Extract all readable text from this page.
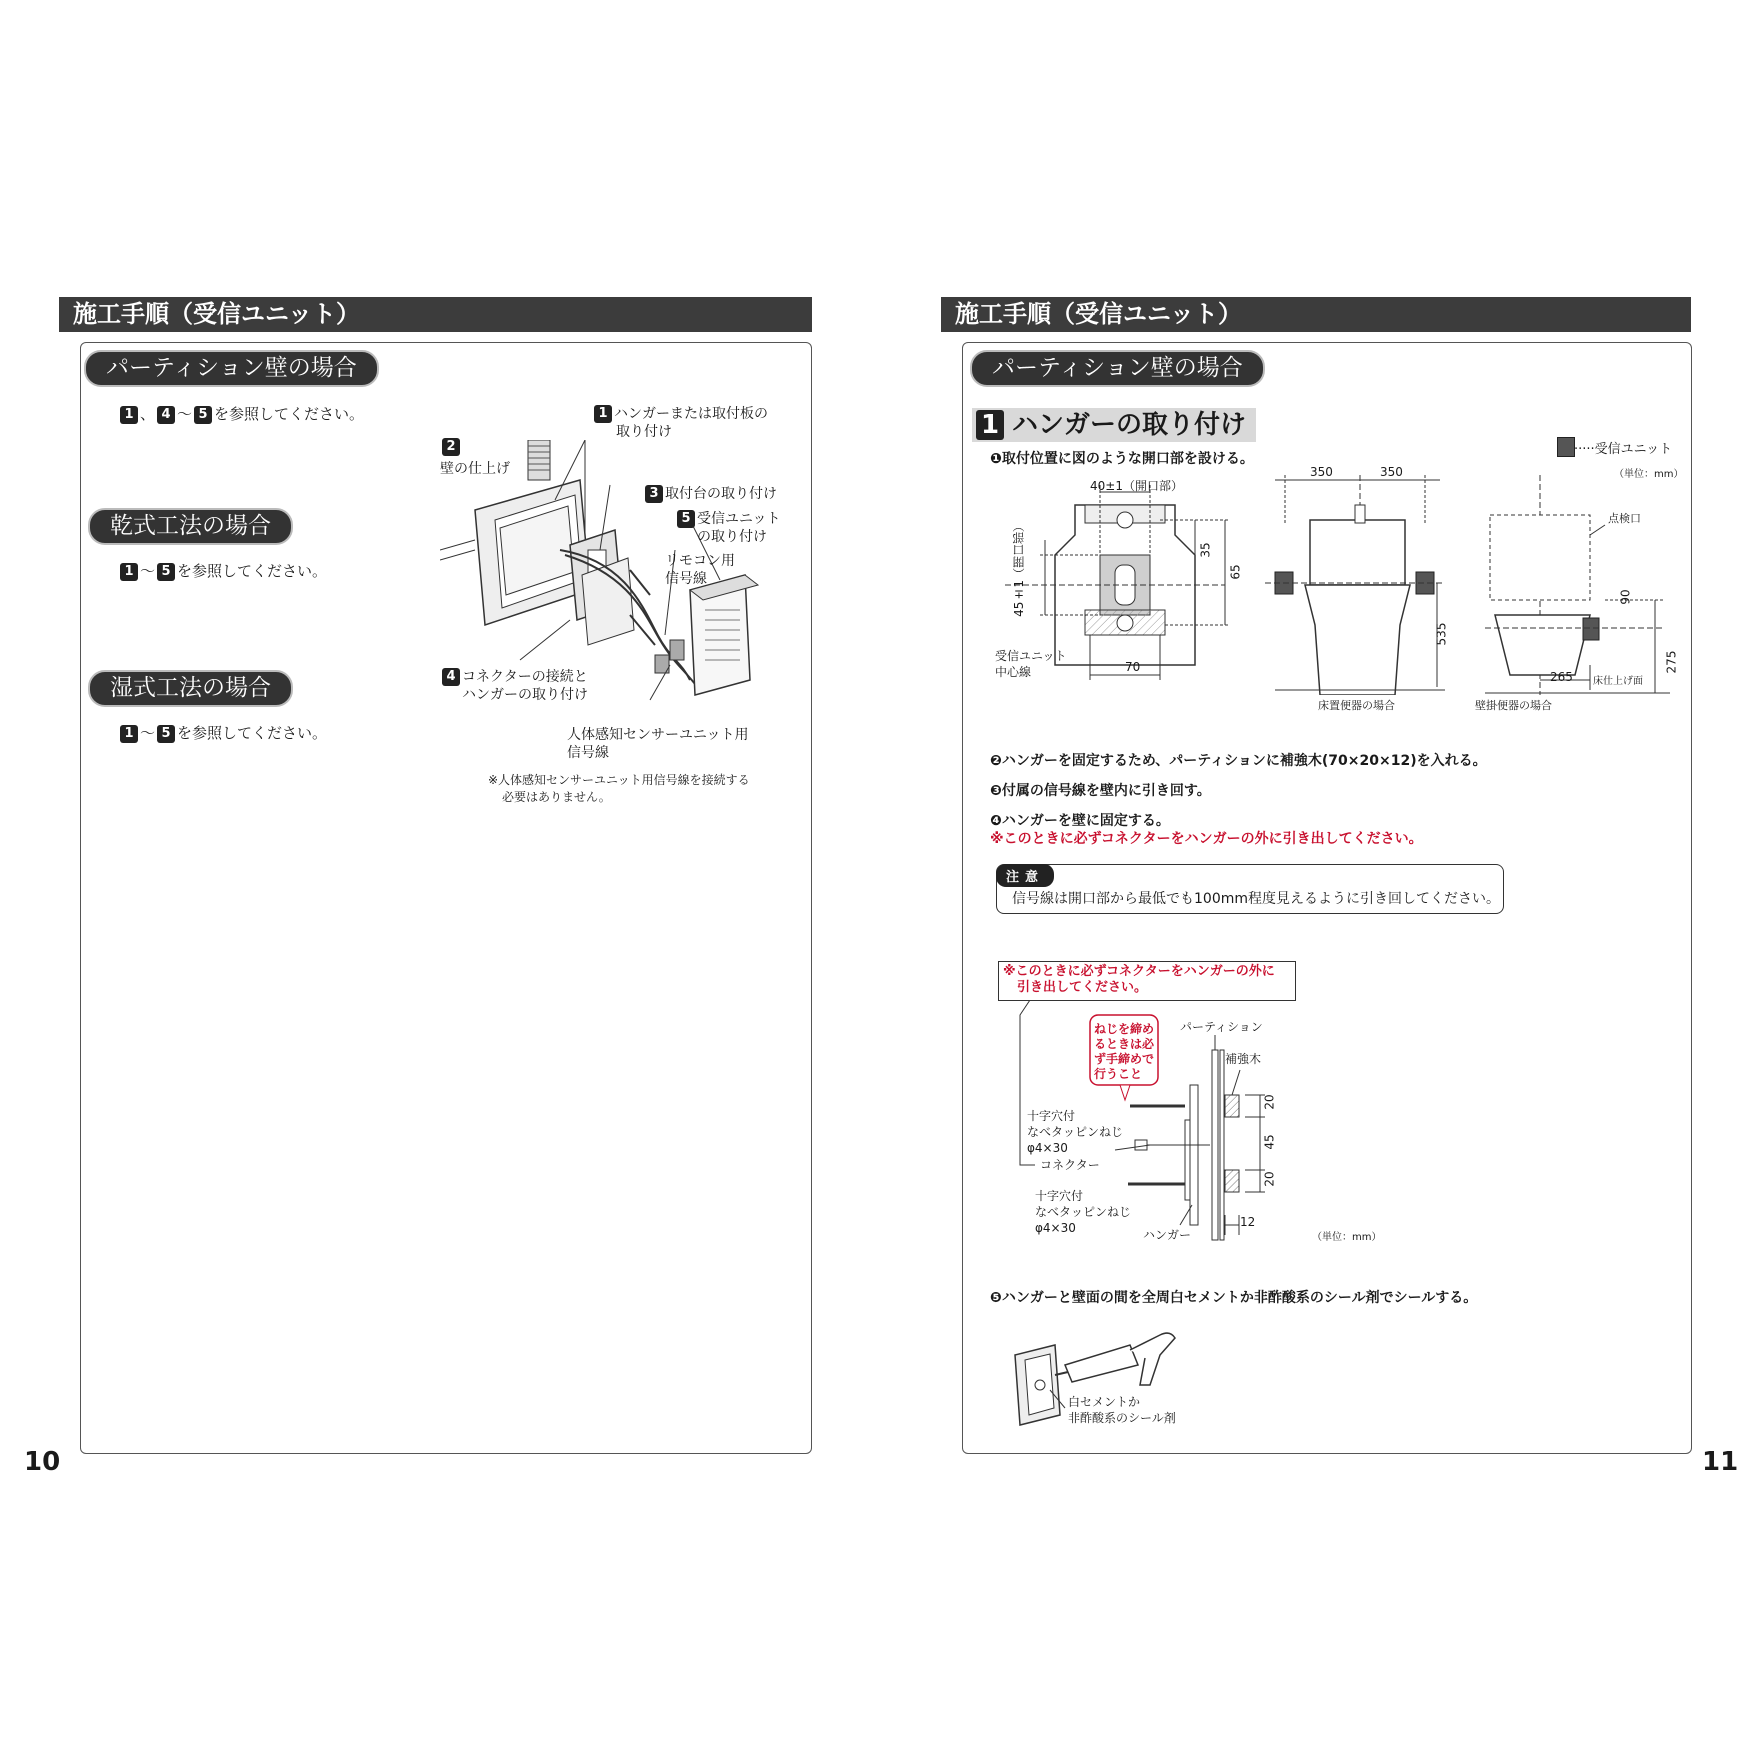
施工手順（受信ユニット）
パーティション壁の場合
1 、 4 ～ 5 を参照してください。
乾式工法の場合
1 ～ 5 を参照してください。
湿式工法の場合
1 ～ 5 を参照してください。
1 ハンガーまたは取付板の
取り付け
2
壁の仕上げ
3 取付台の取り付け
5 受信ユニット
の取り付け
リモコン用
信号線
4 コネクターの接続と
ハンガーの取り付け
人体感知センサーユニット用
信号線
※人体感知センサーユニット用信号線を接続する
必要はありません。
10
施工手順（受信ユニット）
パーティション壁の場合
1 ハンガーの取り付け
·····受信ユニット
（単位：mm）
❶取付位置に図のような開口部を設ける。
40±1（開口部）
45±1（開口部）	35
65
70
受信ユニット
中心線
350	350
535
床置便器の場合
点検口
90
275
265 床仕上げ面
壁掛便器の場合
❷ハンガーを固定するため、パーティションに補強木(70×20×12)を入れる。
❸付属の信号線を壁内に引き回す。
❹ハンガーを壁に固定する。
※このときに必ずコネクターをハンガーの外に引き出してください。
注意
信号線は開口部から最低でも100mm程度見えるように引き回してください。
※このときに必ずコネクターをハンガーの外に
引き出してください。
ねじを締め
るときは必
ず手締めで
行うこと
パーティション
補強木
十字穴付
なべタッピンねじ
φ4×30
コネクター
十字穴付
なべタッピンねじ
φ4×30	ハンガー
20
45
20
12
（単位：mm）
❺ハンガーと壁面の間を全周白セメントか非酢酸系のシール剤でシールする。
白セメントか
非酢酸系のシール剤
11
